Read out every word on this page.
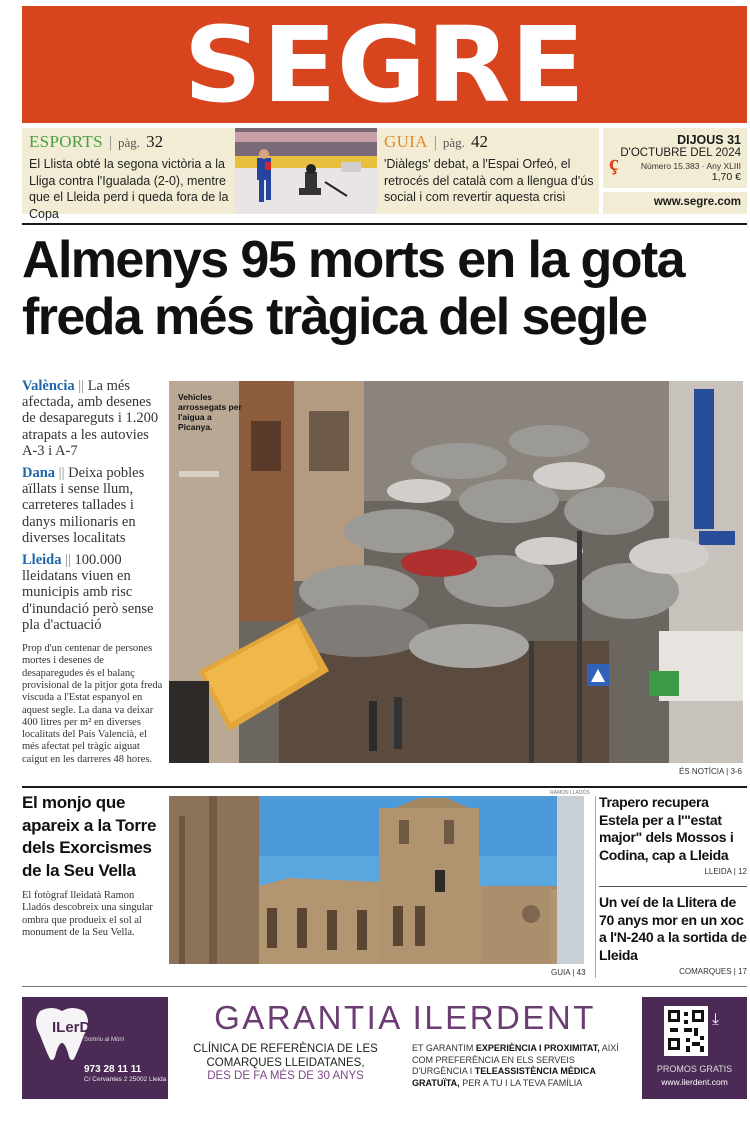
SEGRE
ESPORTS | pàg. 32
El Llista obté la segona victòria a la Lliga contra l'Igualada (2-0), mentre que el Lleida perd i queda fora de la Copa
GUIA | pàg. 42
'Diàlegs' debat, a l'Espai Orfeó, el retrocés del català com a llengua d'ús social i com revertir aquesta crisi
ç
DIJOUS 31
D'OCTUBRE DEL 2024
Número 15.383 · Any XLIII
1,70 €
www.segre.com
Almenys 95 morts en la gota
freda més tràgica del segle
València || La més afectada, amb desenes de desapareguts i 1.200 atrapats a les autovies A-3 i A-7
Dana || Deixa pobles aïllats i sense llum, carreteres tallades i danys milionaris en diverses localitats
Lleida || 100.000 lleidatans viuen en municipis amb risc d'inundació però sense pla d'actuació
Prop d'un centenar de persones mortes i desenes de desaparegudes és el balanç provisional de la pitjor gota freda viscuda a l'Estat espanyol en aquest segle. La dana va deixar 400 litres per m² en diverses localitats del País Valencià, el més afectat pel tràgic aiguat caigut en les darreres 48 hores.
Vehicles arrossegats per l'aigua a Picanya.
ÉS NOTÍCIA | 3-6
El monjo que apareix a la Torre dels Exorcismes de la Seu Vella
El fotògraf lleidatà Ramon Lladós descobreix una singular ombra que produeix el sol al monument de la Seu Vella.
RAMON LLADÓS
GUIA | 43
Trapero recupera Estela per a l'"estat major" dels Mossos i Codina, cap a Lleida
LLEIDA | 12
Un veí de la Llitera de 70 anys mor en un xoc a l'N-240 a la sortida de Lleida
COMARQUES | 17
ILerDent
Somriu al Món!
973 28 11 11
C/ Cervantes 2 25002 Lleida
GARANTIA ILERDENT
CLÍNICA DE REFERÈNCIA DE LES COMARQUES LLEIDATANES,
DES DE FA MÉS DE 30 ANYS
ET GARANTIM EXPERIÈNCIA I PROXIMITAT, AIXÍ COM PREFERÈNCIA EN ELS SERVEIS D'URGÈNCIA I TELEASSISTÈNCIA MÈDICA GRATUÏTA, PER A TU I LA TEVA FAMÍLIA
⤓
PROMOS GRATIS
www.ilerdent.com
